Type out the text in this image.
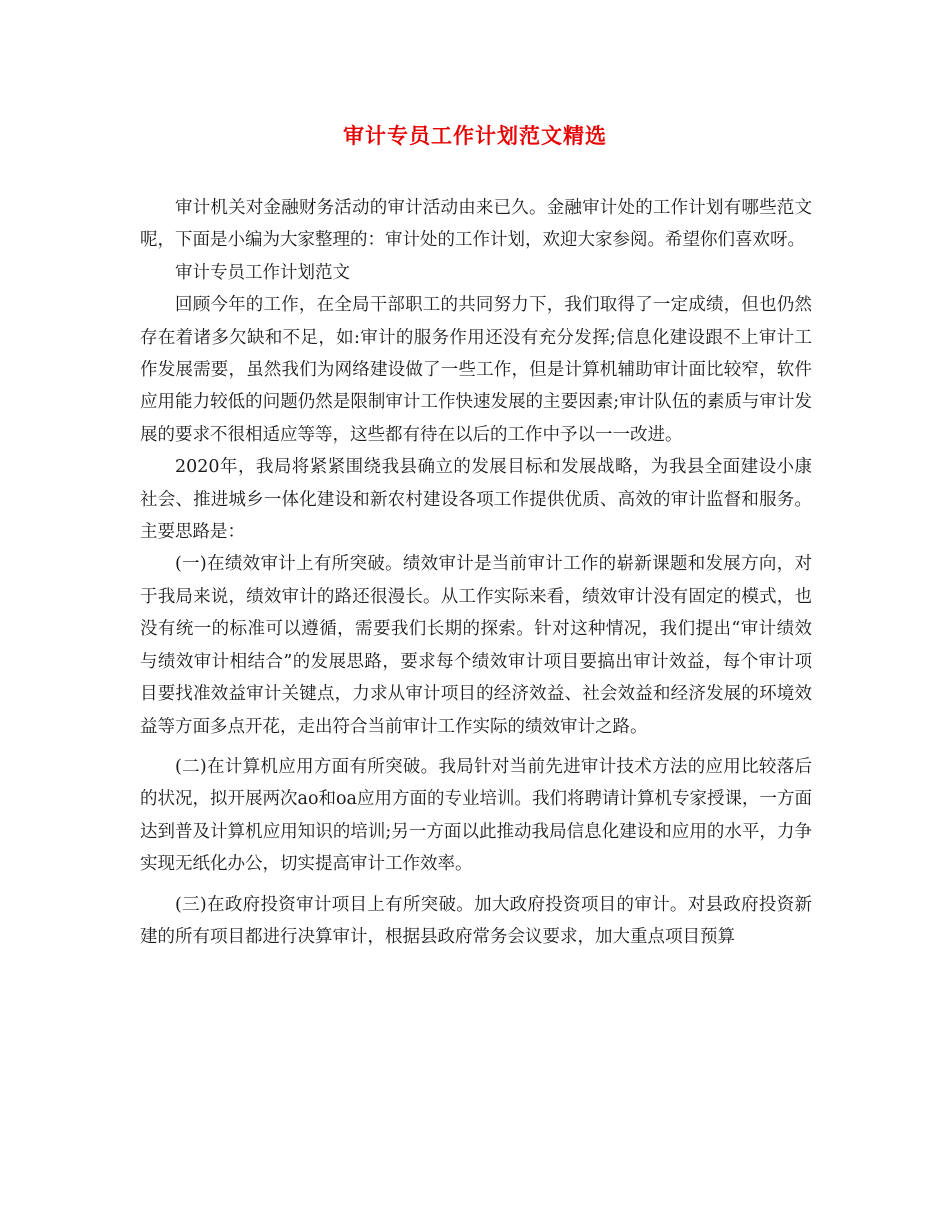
审计专员工作计划范文精选

审计机关对金融财务活动的审计活动由来已久。金融审计处的工作计划有哪些范文呢，下面是小编为大家整理的：审计处的工作计划，欢迎大家参阅。希望你们喜欢呀。

审计专员工作计划范文

回顾今年的工作，在全局干部职工的共同努力下，我们取得了一定成绩，但也仍然存在着诸多欠缺和不足，如:审计的服务作用还没有充分发挥;信息化建设跟不上审计工作发展需要，虽然我们为网络建设做了一些工作，但是计算机辅助审计面比较窄，软件应用能力较低的问题仍然是限制审计工作快速发展的主要因素;审计队伍的素质与审计发展的要求不很相适应等等，这些都有待在以后的工作中予以一一改进。

2020年，我局将紧紧围绕我县确立的发展目标和发展战略，为我县全面建设小康社会、推进城乡一体化建设和新农村建设各项工作提供优质、高效的审计监督和服务。主要思路是：

(一)在绩效审计上有所突破。绩效审计是当前审计工作的崭新课题和发展方向，对于我局来说，绩效审计的路还很漫长。从工作实际来看，绩效审计没有固定的模式，也没有统一的标准可以遵循，需要我们长期的探索。针对这种情况，我们提出“审计绩效与绩效审计相结合”的发展思路，要求每个绩效审计项目要搞出审计效益，每个审计项目要找准效益审计关键点，力求从审计项目的经济效益、社会效益和经济发展的环境效益等方面多点开花，走出符合当前审计工作实际的绩效审计之路。

(二)在计算机应用方面有所突破。我局针对当前先进审计技术方法的应用比较落后的状况，拟开展两次ao和oa应用方面的专业培训。我们将聘请计算机专家授课，一方面达到普及计算机应用知识的培训;另一方面以此推动我局信息化建设和应用的水平，力争实现无纸化办公，切实提高审计工作效率。

(三)在政府投资审计项目上有所突破。加大政府投资项目的审计。对县政府投资新建的所有项目都进行决算审计，根据县政府常务会议要求，加大重点项目预算
